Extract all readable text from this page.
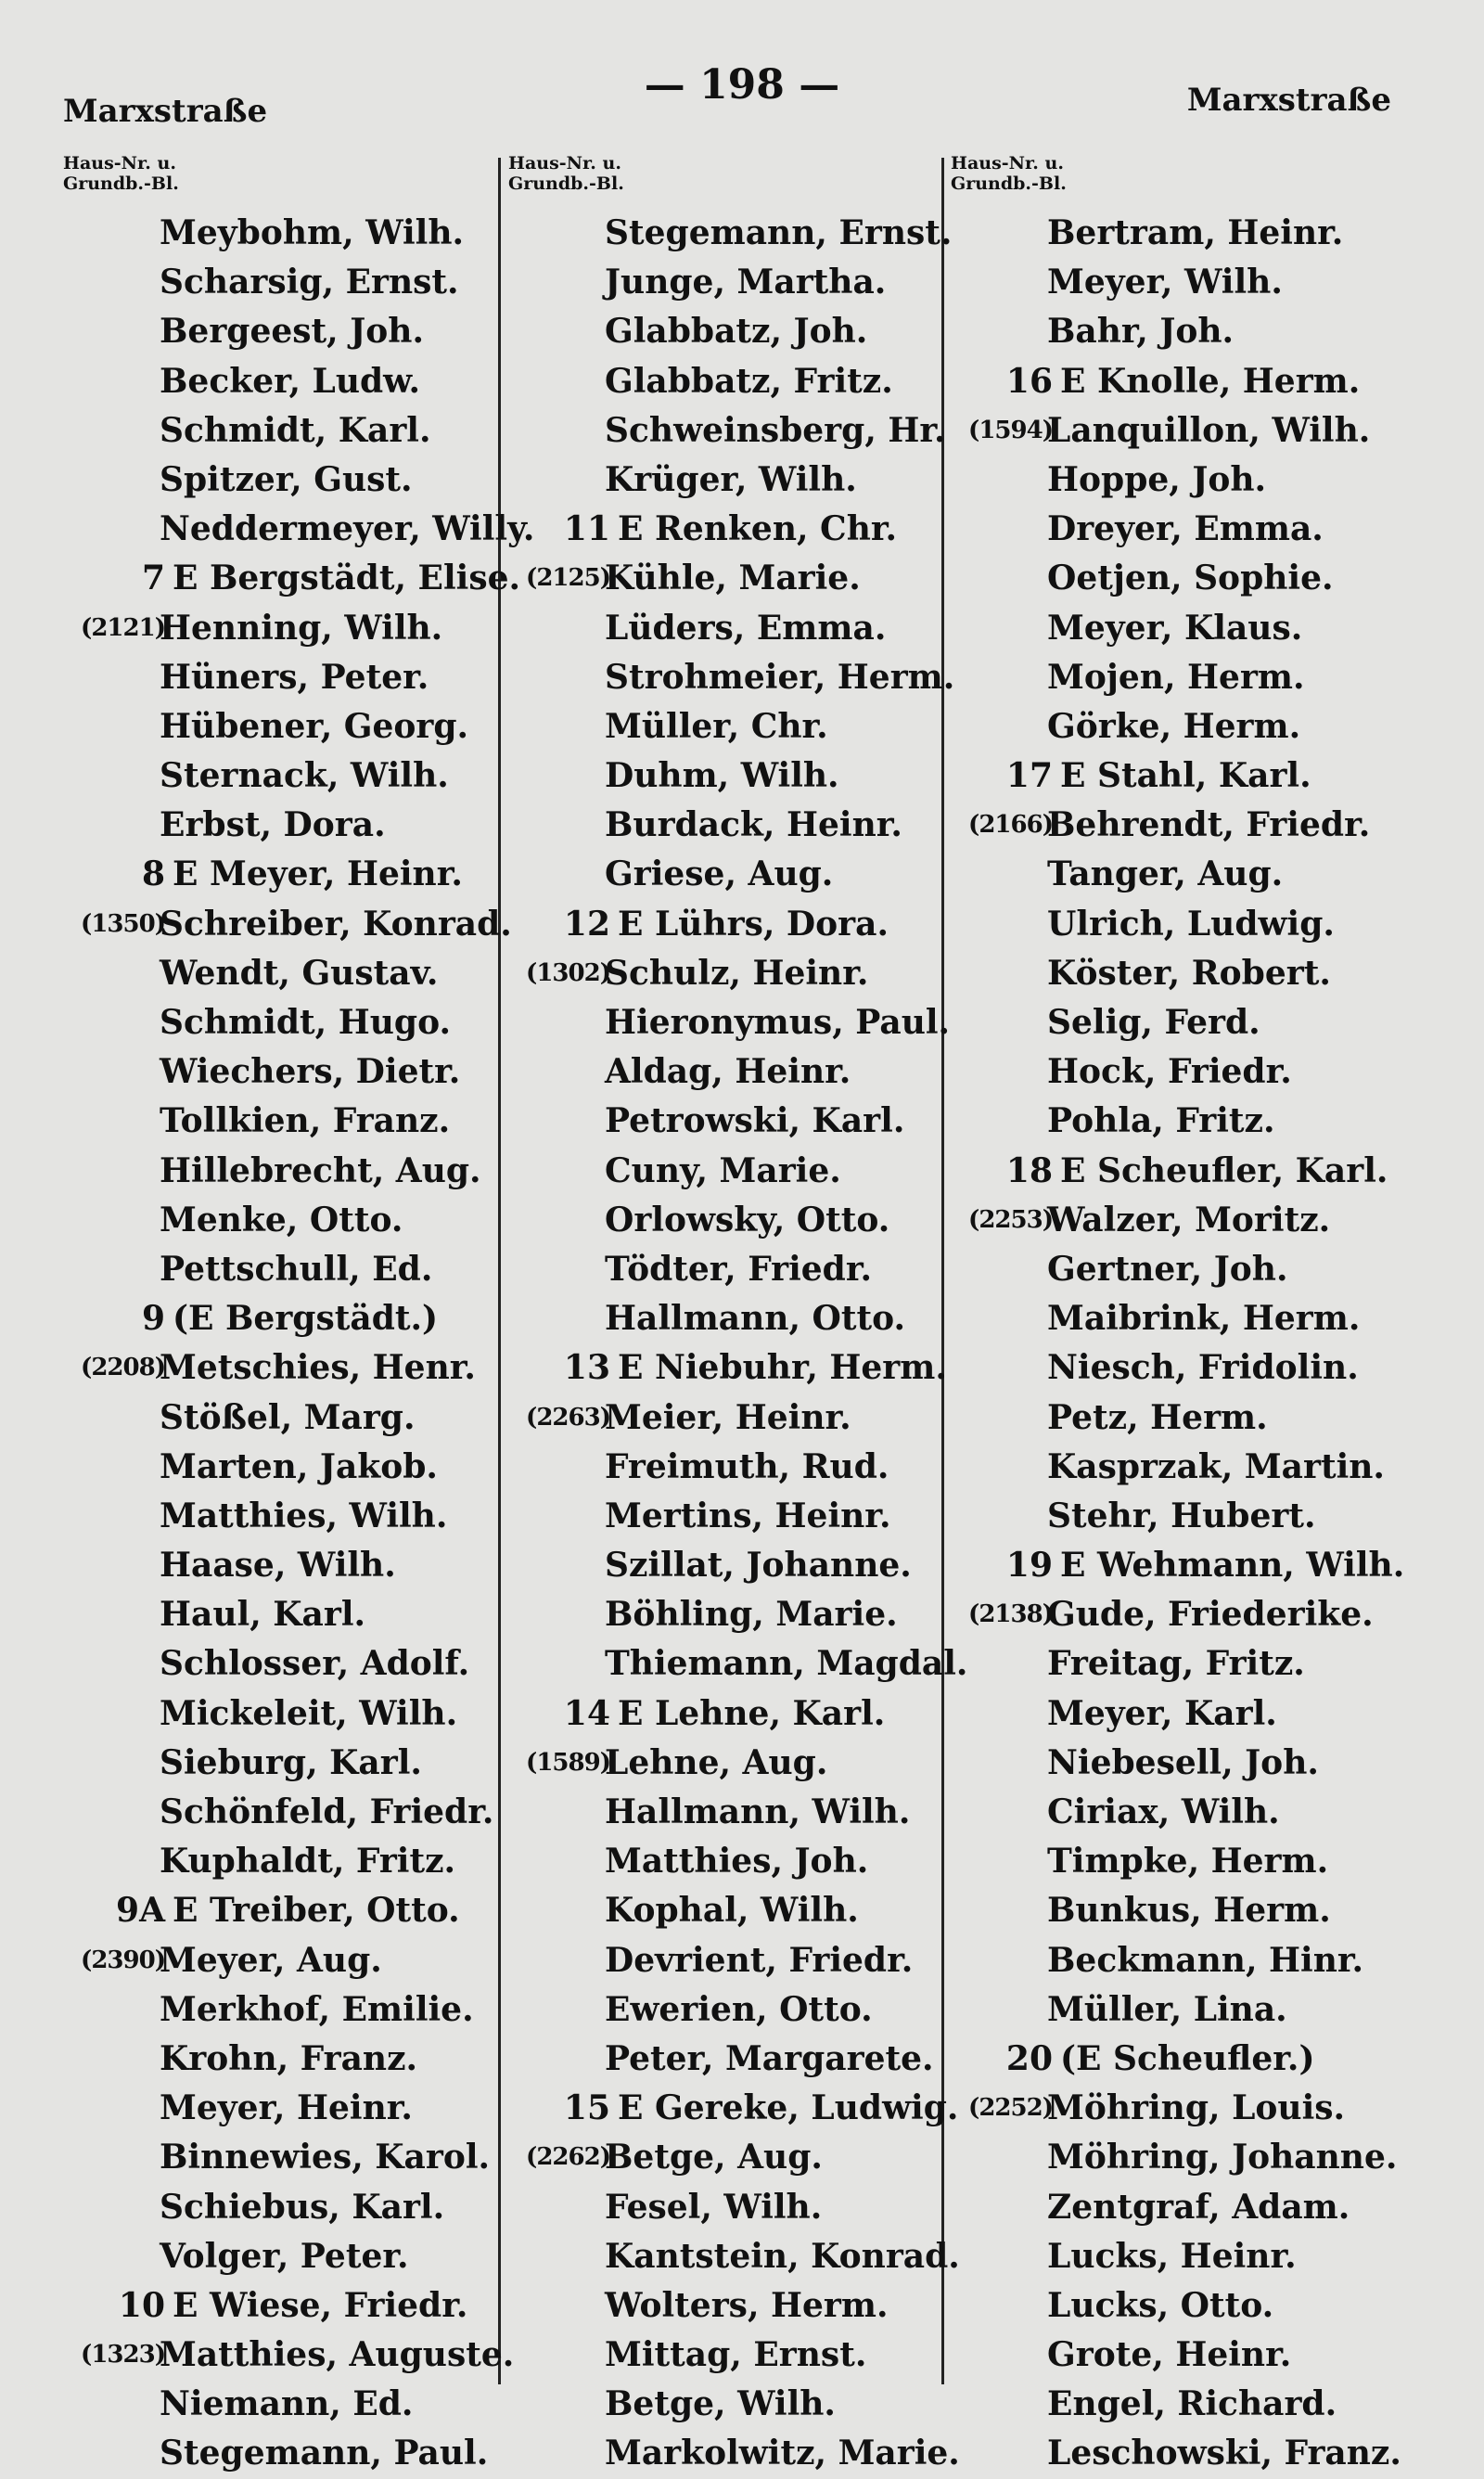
Marxstraße
— 198 —	Marxstraße
Haus-Nr. u.
Grundb.-Bl.
Meybohm, Wilh.
Scharsig, Ernst.
Bergeest, Joh.
Becker, Ludw.
Schmidt, Karl.
Spitzer, Gust.
Neddermeyer, Willy.
7 E Bergstädt, Elise.
(2121)
Henning, Wilh.
Hüners, Peter.
Hübener, Georg.
Sternack, Wilh.
Erbst, Dora.
8 E Meyer, Heinr.
(1350)
Schreiber, Konrad.
Wendt, Gustav.
Schmidt, Hugo.
Wiechers, Dietr.
Tollkien, Franz.
Hillebrecht, Aug.
Menke, Otto.
Pettschull, Ed.
9 (E Bergstädt.)
(2208)
Metschies, Henr.
Stößel, Marg.
Marten, Jakob.
Matthies, Wilh.
Haase, Wilh.
Haul, Karl.
Schlosser, Adolf.
Mickeleit, Wilh.
Sieburg, Karl.
Schönfeld, Friedr.
Kuphaldt, Fritz.
9A E Treiber, Otto.
(2390)
Meyer, Aug.
Merkhof, Emilie.
Krohn, Franz.
Meyer, Heinr.
Binnewies, Karol.
Schiebus, Karl.
Volger, Peter.
10 E Wiese, Friedr.
(1323)
Matthies, Auguste.
Niemann, Ed.
Stegemann, Paul.
Haus-Nr. u.
Grundb.-Bl.
Stegemann, Ernst.
Junge, Martha.
Glabbatz, Joh.
Glabbatz, Fritz.
Schweinsberg, Hr.
Krüger, Wilh.
11 E Renken, Chr.
(2125)
Kühle, Marie.
Lüders, Emma.
Strohmeier, Herm.
Müller, Chr.
Duhm, Wilh.
Burdack, Heinr.
Griese, Aug.
12 E Lührs, Dora.
(1302)
Schulz, Heinr.
Hieronymus, Paul.
Aldag, Heinr.
Petrowski, Karl.
Cuny, Marie.
Orlowsky, Otto.
Tödter, Friedr.
Hallmann, Otto.
13 E Niebuhr, Herm.
(2263)
Meier, Heinr.
Freimuth, Rud.
Mertins, Heinr.
Szillat, Johanne.
Böhling, Marie.
Thiemann, Magdal.
14 E Lehne, Karl.
(1589)
Lehne, Aug.
Hallmann, Wilh.
Matthies, Joh.
Kophal, Wilh.
Devrient, Friedr.
Ewerien, Otto.
Peter, Margarete.
15 E Gereke, Ludwig.
(2262)
Betge, Aug.
Fesel, Wilh.
Kantstein, Konrad.
Wolters, Herm.
Mittag, Ernst.
Betge, Wilh.
Markolwitz, Marie.
Haus-Nr. u.
Grundb.-Bl.
Bertram, Heinr.
Meyer, Wilh.
Bahr, Joh.
16 E Knolle, Herm.
(1594)
Lanquillon, Wilh.
Hoppe, Joh.
Dreyer, Emma.
Oetjen, Sophie.
Meyer, Klaus.
Mojen, Herm.
Görke, Herm.
17 E Stahl, Karl.
(2166)
Behrendt, Friedr.
Tanger, Aug.
Ulrich, Ludwig.
Köster, Robert.
Selig, Ferd.
Hock, Friedr.
Pohla, Fritz.
18 E Scheufler, Karl.
(2253)
Walzer, Moritz.
Gertner, Joh.
Maibrink, Herm.
Niesch, Fridolin.
Petz, Herm.
Kasprzak, Martin.
Stehr, Hubert.
19 E Wehmann, Wilh.
(2138)
Gude, Friederike.
Freitag, Fritz.
Meyer, Karl.
Niebesell, Joh.
Ciriax, Wilh.
Timpke, Herm.
Bunkus, Herm.
Beckmann, Hinr.
Müller, Lina.
20 (E Scheufler.)
(2252)
Möhring, Louis.
Möhring, Johanne.
Zentgraf, Adam.
Lucks, Heinr.
Lucks, Otto.
Grote, Heinr.
Engel, Richard.
Leschowski, Franz.
